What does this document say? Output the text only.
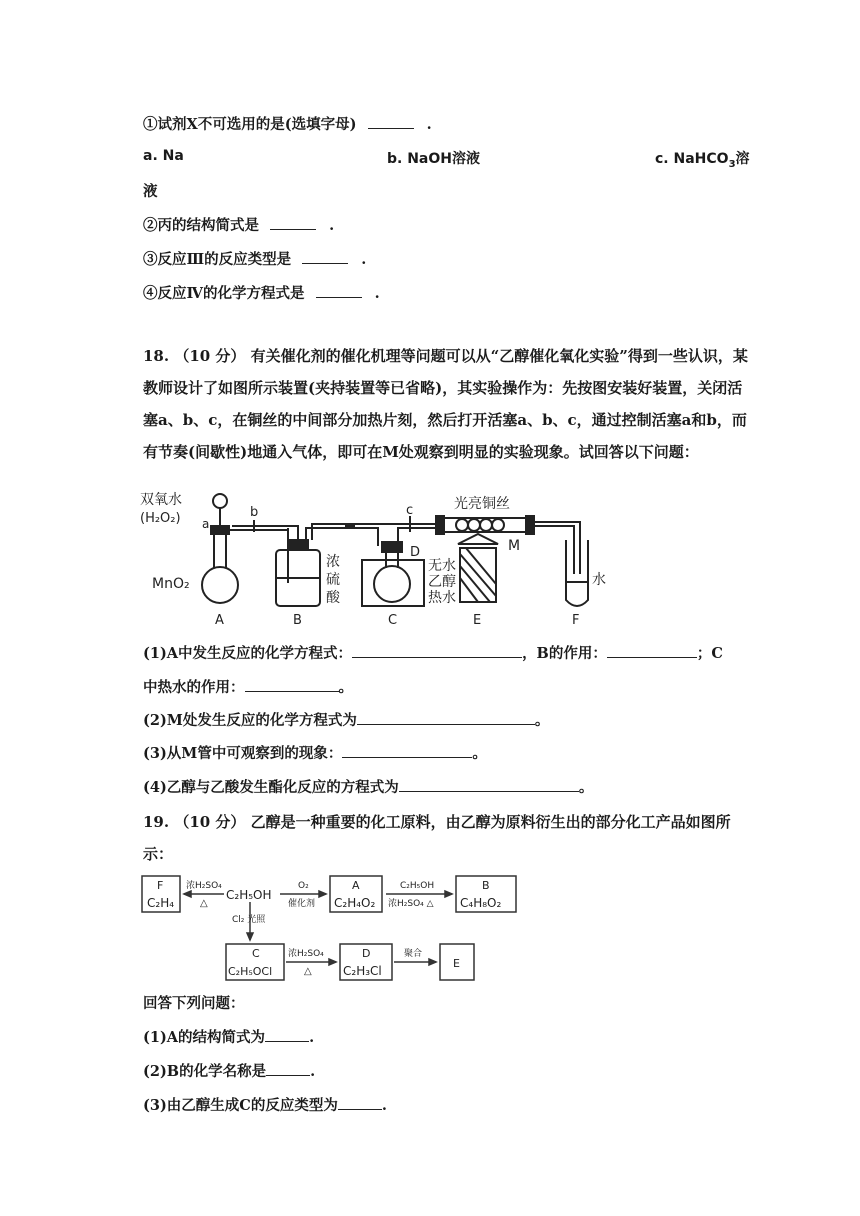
①试剂X不可选用的是(选填字母)	.
a. Na	b. NaOH溶液	c. NaHCO$_3$溶
液
②丙的结构简式是	.
③反应Ⅲ的反应类型是	.
④反应Ⅳ的化学方程式是	.
18. （10 分） 有关催化剂的催化机理等问题可以从“乙醇催化氧化实验”得到一些认识，某教师设计了如图所示装置(夹持装置等已省略)，其实验操作为：先按图安装好装置，关闭活塞a、b、c，在铜丝的中间部分加热片刻，然后打开活塞a、b、c，通过控制活塞a和b，而有节奏(间歇性)地通入气体，即可在M处观察到明显的实验现象。试回答以下问题：
双氧水
(H₂O₂) a
b	c
MnO₂
光亮铜丝
M
D
浓
硫
酸
无水
乙醇
热水
水
A	B	C	E	F
(1)A中发生反应的化学方程式：	，B的作用：	；C
中热水的作用：	。
(2)M处发生反应的化学方程式为	。
(3)从M管中可观察到的现象：	。
(4)乙醇与乙酸发生酯化反应的方程式为	。
19. （10 分） 乙醇是一种重要的化工原料，由乙醇为原料衍生出的部分化工产品如图所示：
F
C₂H₄
浓H₂SO₄
△
C₂H₅OH
O₂
催化剂
A
C₂H₄O₂
C₂H₅OH
浓H₂SO₄ △
B
C₄H₈O₂
Cl₂ 光照
C
C₂H₅OCl
浓H₂SO₄
△
D
C₂H₃Cl
聚合
E
回答下列问题：
(1)A的结构简式为	.
(2)B的化学名称是	.
(3)由乙醇生成C的反应类型为	.
